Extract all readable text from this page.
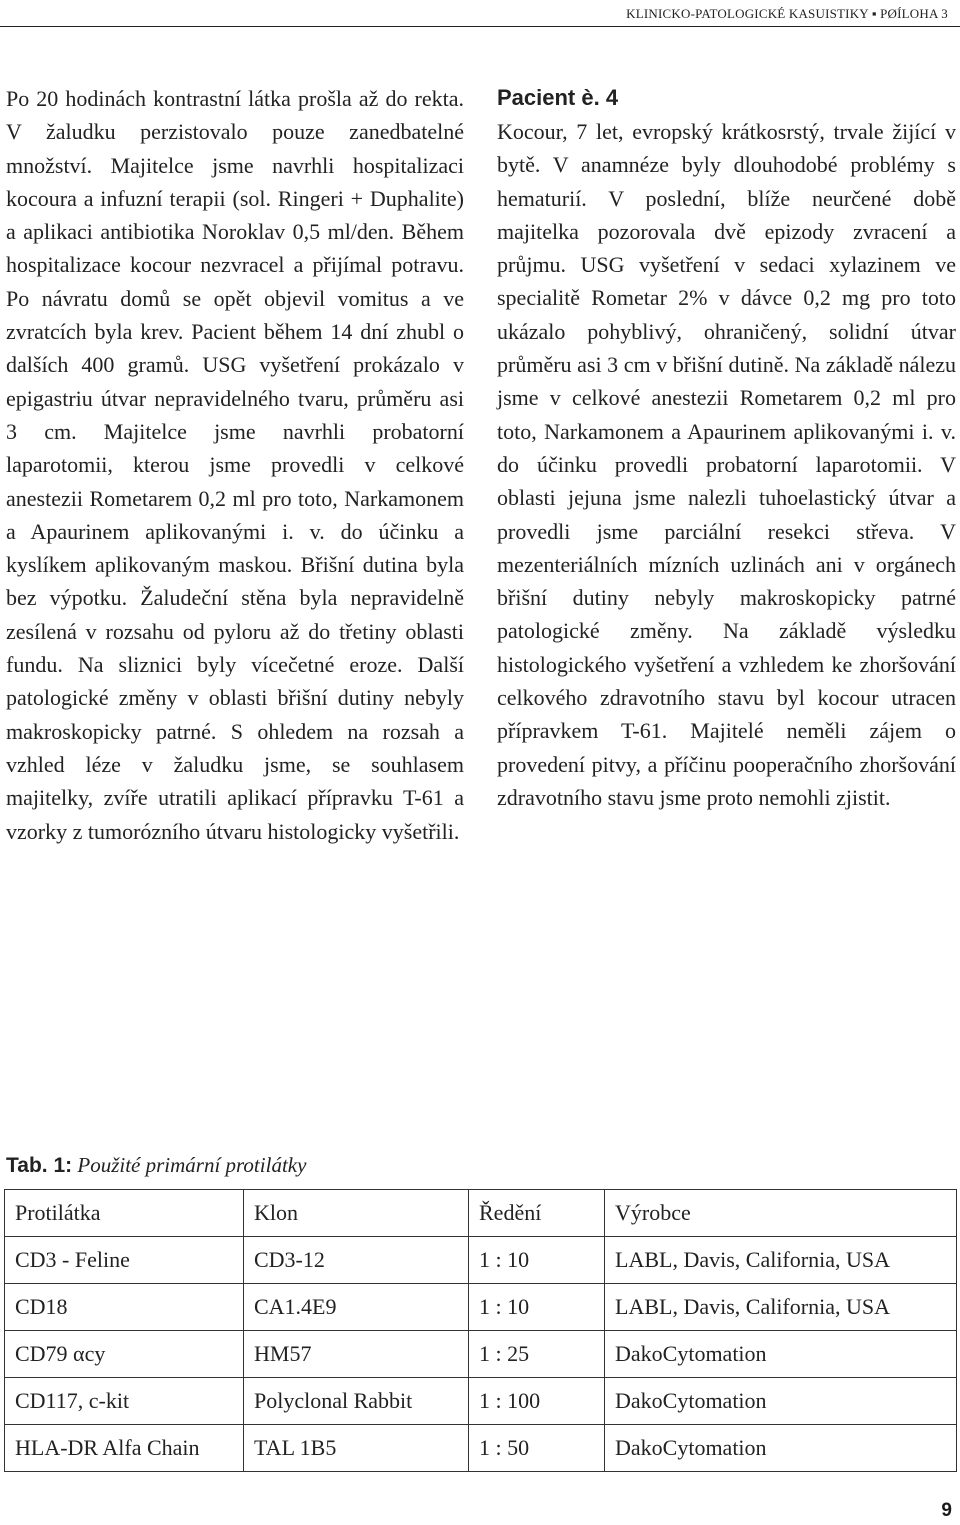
KLINICKO-PATOLOGICKÉ KASUISTIKY ▪ PØÍLOHA 3

Po 20 hodinách kontrastní látka prošla až do rekta. V žaludku perzistovalo pouze zanedbatelné množství. Majitelce jsme navrhli hospitalizaci kocoura a infuzní terapii (sol. Ringeri + Duphalite) a aplikaci antibiotika Noroklav 0,5 ml/den. Během hospitalizace kocour nezvracel a přijímal potravu. Po návratu domů se opět objevil vomitus a ve zvratcích byla krev. Pacient během 14 dní zhubl o dalších 400 gramů. USG vyšetření prokázalo v epigastriu útvar nepravidelného tvaru, průměru asi 3 cm. Majitelce jsme navrhli probatorní laparotomii, kterou jsme provedli v celkové anestezii Rometarem 0,2 ml pro toto, Narkamonem a Apaurinem aplikovanými i. v. do účinku a kyslíkem aplikovaným maskou. Břišní dutina byla bez výpotku. Žaludeční stěna byla nepravidelně zesílená v rozsahu od pyloru až do třetiny oblasti fundu. Na sliznici byly vícečetné eroze. Další patologické změny v oblasti břišní dutiny nebyly makroskopicky patrné. S ohledem na rozsah a vzhled léze v žaludku jsme, se souhlasem majitelky, zvíře utratili aplikací přípravku T-61 a vzorky z tumorózního útvaru histologicky vyšetřili.

Pacient è. 4

Kocour, 7 let, evropský krátkosrstý, trvale žijící v bytě. V anamnéze byly dlouhodobé problémy s hematurií. V poslední, blíže neurčené době majitelka pozorovala dvě epizody zvracení a průjmu. USG vyšetření v sedaci xylazinem ve specialitě Rometar 2% v dávce 0,2 mg pro toto ukázalo pohyblivý, ohraničený, solidní útvar průměru asi 3 cm v břišní dutině. Na základě nálezu jsme v celkové anestezii Rometarem 0,2 ml pro toto, Narkamonem a Apaurinem aplikovanými i. v. do účinku provedli probatorní laparotomii. V oblasti jejuna jsme nalezli tuhoelastický útvar a provedli jsme parciální resekci střeva. V mezenteriálních mízních uzlinách ani v orgánech břišní dutiny nebyly makroskopicky patrné patologické změny. Na základě výsledku histologického vyšetření a vzhledem ke zhoršování celkového zdravotního stavu byl kocour utracen přípravkem T-61. Majitelé neměli zájem o provedení pitvy, a příčinu pooperačního zhoršování zdravotního stavu jsme proto nemohli zjistit.

Tab. 1: Použité primární protilátky
Protilátka	Klon	Ředění	Výrobce
CD3 - Feline	CD3-12	1 : 10	LABL, Davis, California, USA
CD18	CA1.4E9	1 : 10	LABL, Davis, California, USA
CD79 αcy	HM57	1 : 25	DakoCytomation
CD117, c-kit	Polyclonal Rabbit	1 : 100	DakoCytomation
HLA-DR Alfa Chain	TAL 1B5	1 : 50	DakoCytomation
9
